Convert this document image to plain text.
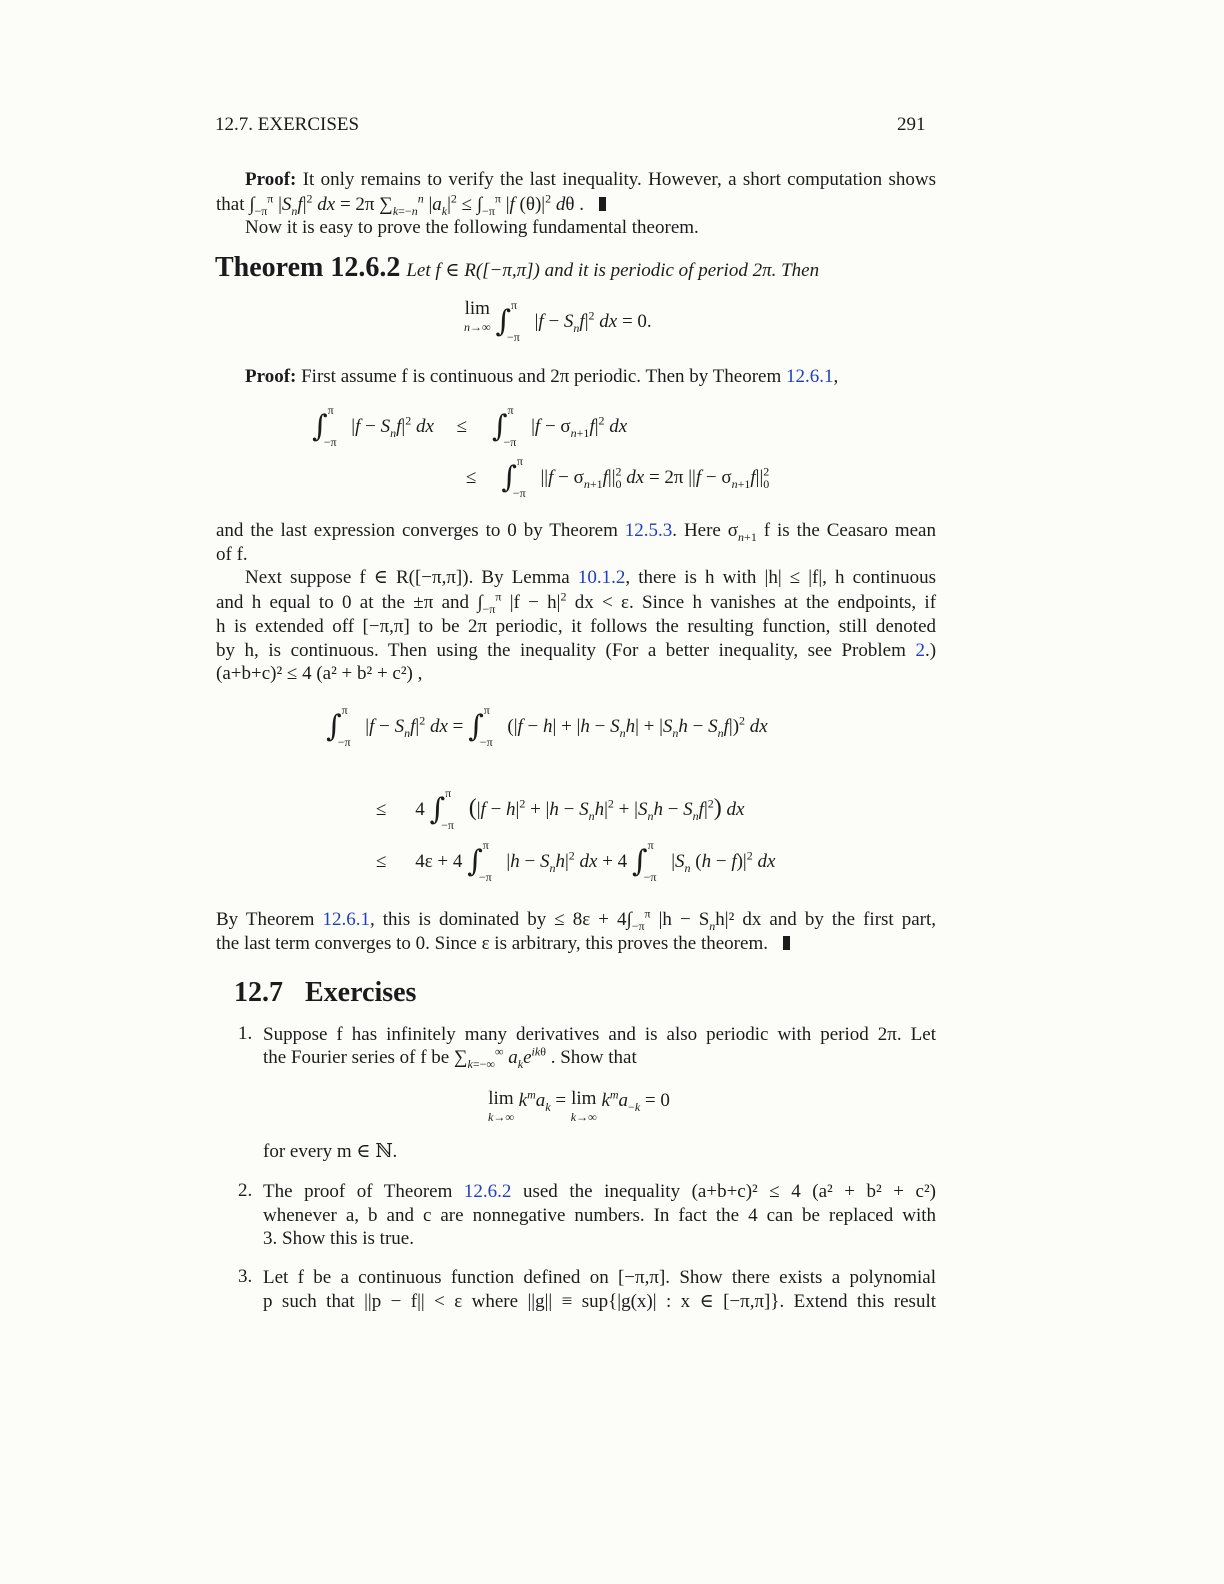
12.7. EXERCISES	291
Proof: It only remains to verify the last inequality. However, a short computation shows
that $\int_{-\pi}^\pi$ $|S_nf|^2$ dx = 2π $\sum_{k=-n}^n$ $|a_k|^2 \le \int_{-\pi}^\pi$ |f $(\theta)|^2$ dθ .
Now it is easy to prove the following fundamental theorem.
Theorem 12.6.2 Let f ∈ R([−π,π]) and it is periodic of period 2π. Then
lim
n→∞ ∫$^\pi_{-\pi}$ $|f - S_nf|^2$ dx = 0.
Proof: First assume f is continuous and 2π periodic. Then by Theorem 12.6.1,
∫$^\pi_{-\pi}$ $|f - S_nf|^2$ dx ≤ ∫$^\pi_{-\pi}$ $|f - \sigma_{n+1}f|^2$ dx
≤ ∫$^\pi_{-\pi}$ $||f - \sigma_{n+1}f||^2_0$ dx = 2π $||f - \sigma_{n+1}f||^2_0$
and the last expression converges to 0 by Theorem 12.5.3. Here $\sigma_{n+1}$ f is the Ceasaro mean
of f.
Next suppose f ∈ R([−π,π]). By Lemma 10.1.2, there is h with |h| ≤ |f|, h continuous
and h equal to 0 at the ±π and $\int_{-\pi}^\pi$ $|f - h|^2$ dx < ε. Since h vanishes at the endpoints, if
h is extended off [−π,π] to be 2π periodic, it follows the resulting function, still denoted
by h, is continuous. Then using the inequality (For a better inequality, see Problem 2.)
(a+b+c)² ≤ 4 (a² + b² + c²) ,
∫$^\pi_{-\pi}$ $|f - S_nf|^2$ dx = ∫$^\pi_{-\pi}$ $(|f - h| + |h - S_nh| + |S_nh - S_nf|)^2$ dx
≤ 4 ∫$^\pi_{-\pi}$ $(|f - h|^2 + |h - S_nh|^2 + |S_nh - S_nf|^2)$ dx
≤ 4ε + 4 ∫$^\pi_{-\pi}$ $|h - S_nh|^2$ dx + 4 ∫$^\pi_{-\pi}$ $|S_n$ $(h - f)|^2$ dx
By Theorem 12.6.1, this is dominated by ≤ $8\varepsilon + 4\int_{-\pi}^\pi$ $|h - S_nh|^2$ dx and by the first part,
the last term converges to 0. Since ε is arbitrary, this proves the theorem.
12.7 Exercises
1. Suppose f has infinitely many derivatives and is also periodic with period 2π. Let
the Fourier series of f be $\sum_{k=-\infty}^\infty$ $a_ke^{ik\theta}$ . Show that
lim
k→∞
$k^ma_k = \lim$
k→∞
$k^ma_{-k} = 0$
for every m ∈ ℕ.
2. The proof of Theorem 12.6.2 used the inequality (a+b+c)² ≤ 4 (a² + b² + c²)
whenever a, b and c are nonnegative numbers. In fact the 4 can be replaced with
3. Show this is true.
3. Let f be a continuous function defined on [−π,π]. Show there exists a polynomial
p such that ||p − f|| < ε where ||g|| ≡ sup{|g(x)| : x ∈ [−π,π]}. Extend this result
